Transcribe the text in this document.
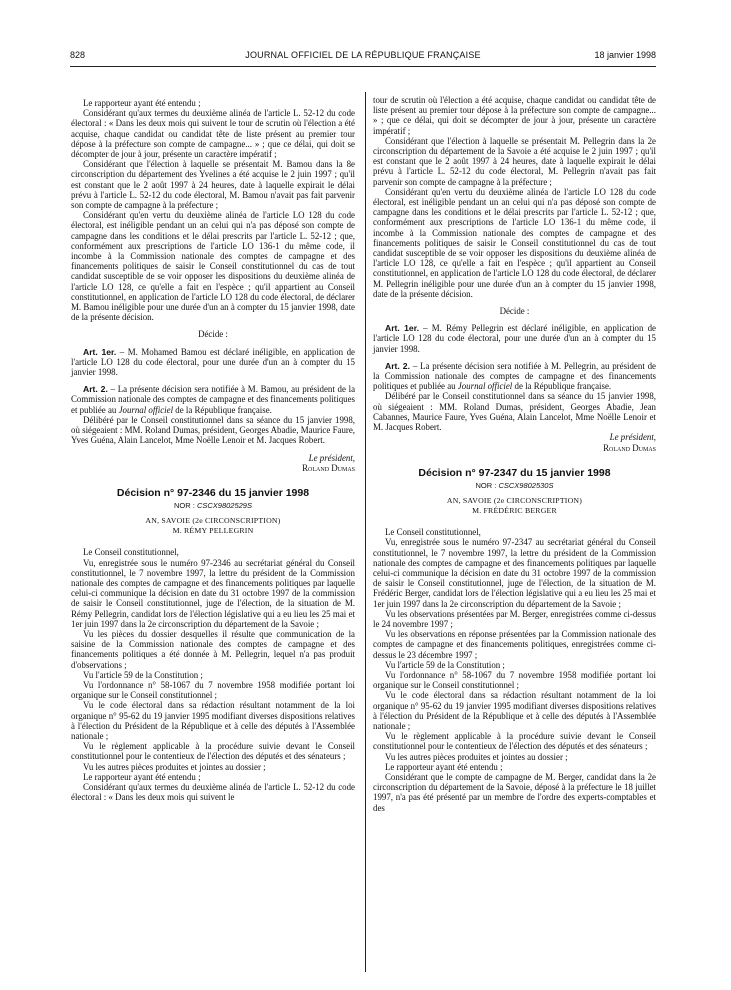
828	JOURNAL OFFICIEL DE LA RÉPUBLIQUE FRANÇAISE	18 janvier 1998

Le rapporteur ayant été entendu ;

Considérant qu'aux termes du deuxième alinéa de l'article L. 52-12 du code électoral : « Dans les deux mois qui suivent le tour de scrutin où l'élection a été acquise, chaque candidat ou candidat tête de liste présent au premier tour dépose à la préfecture son compte de campagne... » ; que ce délai, qui doit se décompter de jour à jour, présente un caractère impératif ;

Considérant que l'élection à laquelle se présentait M. Bamou dans la 8e circonscription du département des Yvelines a été acquise le 2 juin 1997 ; qu'il est constant que le 2 août 1997 à 24 heures, date à laquelle expirait le délai prévu à l'article L. 52-12 du code électoral, M. Bamou n'avait pas fait parvenir son compte de campagne à la préfecture ;

Considérant qu'en vertu du deuxième alinéa de l'article LO 128 du code électoral, est inéligible pendant un an celui qui n'a pas déposé son compte de campagne dans les conditions et le délai prescrits par l'article L. 52-12 ; que, conformément aux prescriptions de l'article LO 136-1 du même code, il incombe à la Commission nationale des comptes de campagne et des financements politiques de saisir le Conseil constitutionnel du cas de tout candidat susceptible de se voir opposer les dispositions du deuxième alinéa de l'article LO 128, ce qu'elle a fait en l'espèce ; qu'il appartient au Conseil constitutionnel, en application de l'article LO 128 du code électoral, de déclarer M. Bamou inéligible pour une durée d'un an à compter du 15 janvier 1998, date de la présente décision.

Décide :

Art. 1er. – M. Mohamed Bamou est déclaré inéligible, en application de l'article LO 128 du code électoral, pour une durée d'un an à compter du 15 janvier 1998.

Art. 2. – La présente décision sera notifiée à M. Bamou, au président de la Commission nationale des comptes de campagne et des financements politiques et publiée au Journal officiel de la République française.

Délibéré par le Conseil constitutionnel dans sa séance du 15 janvier 1998, où siégeaient : MM. Roland Dumas, président, Georges Abadie, Maurice Faure, Yves Guéna, Alain Lancelot, Mme Noëlle Lenoir et M. Jacques Robert.

Le président,

Roland Dumas

Décision n° 97-2346 du 15 janvier 1998
NOR : CSCX9802529S
AN, SAVOIE (2e CIRCONSCRIPTION)
M. RÉMY PELLEGRIN

Le Conseil constitutionnel,

Vu, enregistrée sous le numéro 97-2346 au secrétariat général du Conseil constitutionnel, le 7 novembre 1997, la lettre du président de la Commission nationale des comptes de campagne et des financements politiques par laquelle celui-ci communique la décision en date du 31 octobre 1997 de la commission de saisir le Conseil constitutionnel, juge de l'élection, de la situation de M. Rémy Pellegrin, candidat lors de l'élection législative qui a eu lieu les 25 mai et 1er juin 1997 dans la 2e circonscription du département de la Savoie ;

Vu les pièces du dossier desquelles il résulte que communication de la saisine de la Commission nationale des comptes de campagne et des financements politiques a été donnée à M. Pellegrin, lequel n'a pas produit d'observations ;

Vu l'article 59 de la Constitution ;

Vu l'ordonnance n° 58-1067 du 7 novembre 1958 modifiée portant loi organique sur le Conseil constitutionnel ;

Vu le code électoral dans sa rédaction résultant notamment de la loi organique n° 95-62 du 19 janvier 1995 modifiant diverses dispositions relatives à l'élection du Président de la République et à celle des députés à l'Assemblée nationale ;

Vu le règlement applicable à la procédure suivie devant le Conseil constitutionnel pour le contentieux de l'élection des députés et des sénateurs ;

Vu les autres pièces produites et jointes au dossier ;

Le rapporteur ayant été entendu ;

Considérant qu'aux termes du deuxième alinéa de l'article L. 52-12 du code électoral : « Dans les deux mois qui suivent le

tour de scrutin où l'élection a été acquise, chaque candidat ou candidat tête de liste présent au premier tour dépose à la préfecture son compte de campagne... » ; que ce délai, qui doit se décompter de jour à jour, présente un caractère impératif ;

Considérant que l'élection à laquelle se présentait M. Pellegrin dans la 2e circonscription du département de la Savoie a été acquise le 2 juin 1997 ; qu'il est constant que le 2 août 1997 à 24 heures, date à laquelle expirait le délai prévu à l'article L. 52-12 du code électoral, M. Pellegrin n'avait pas fait parvenir son compte de campagne à la préfecture ;

Considérant qu'en vertu du deuxième alinéa de l'article LO 128 du code électoral, est inéligible pendant un an celui qui n'a pas déposé son compte de campagne dans les conditions et le délai prescrits par l'article L. 52-12 ; que, conformément aux prescriptions de l'article LO 136-1 du même code, il incombe à la Commission nationale des comptes de campagne et des financements politiques de saisir le Conseil constitutionnel du cas de tout candidat susceptible de se voir opposer les dispositions du deuxième alinéa de l'article LO 128, ce qu'elle a fait en l'espèce ; qu'il appartient au Conseil constitutionnel, en application de l'article LO 128 du code électoral, de déclarer M. Pellegrin inéligible pour une durée d'un an à compter du 15 janvier 1998, date de la présente décision.

Décide :

Art. 1er. – M. Rémy Pellegrin est déclaré inéligible, en application de l'article LO 128 du code électoral, pour une durée d'un an à compter du 15 janvier 1998.

Art. 2. – La présente décision sera notifiée à M. Pellegrin, au président de la Commission nationale des comptes de campagne et des financements politiques et publiée au Journal officiel de la République française.

Délibéré par le Conseil constitutionnel dans sa séance du 15 janvier 1998, où siégeaient : MM. Roland Dumas, président, Georges Abadie, Jean Cabannes, Maurice Faure, Yves Guéna, Alain Lancelot, Mme Noëlle Lenoir et M. Jacques Robert.

Le président,

Roland Dumas

Décision n° 97-2347 du 15 janvier 1998
NOR : CSCX9802530S
AN, SAVOIE (2e CIRCONSCRIPTION)
M. FRÉDÉRIC BERGER

Le Conseil constitutionnel,

Vu, enregistrée sous le numéro 97-2347 au secrétariat général du Conseil constitutionnel, le 7 novembre 1997, la lettre du président de la Commission nationale des comptes de campagne et des financements politiques par laquelle celui-ci communique la décision en date du 31 octobre 1997 de la commission de saisir le Conseil constitutionnel, juge de l'élection, de la situation de M. Frédéric Berger, candidat lors de l'élection législative qui a eu lieu les 25 mai et 1er juin 1997 dans la 2e circonscription du département de la Savoie ;

Vu les observations présentées par M. Berger, enregistrées comme ci-dessus le 24 novembre 1997 ;

Vu les observations en réponse présentées par la Commission nationale des comptes de campagne et des financements politiques, enregistrées comme ci-dessus le 23 décembre 1997 ;

Vu l'article 59 de la Constitution ;

Vu l'ordonnance n° 58-1067 du 7 novembre 1958 modifiée portant loi organique sur le Conseil constitutionnel ;

Vu le code électoral dans sa rédaction résultant notamment de la loi organique n° 95-62 du 19 janvier 1995 modifiant diverses dispositions relatives à l'élection du Président de la République et à celle des députés à l'Assemblée nationale ;

Vu le règlement applicable à la procédure suivie devant le Conseil constitutionnel pour le contentieux de l'élection des députés et des sénateurs ;

Vu les autres pièces produites et jointes au dossier ;

Le rapporteur ayant été entendu ;

Considérant que le compte de campagne de M. Berger, candidat dans la 2e circonscription du département de la Savoie, déposé à la préfecture le 18 juillet 1997, n'a pas été présenté par un membre de l'ordre des experts-comptables et des
